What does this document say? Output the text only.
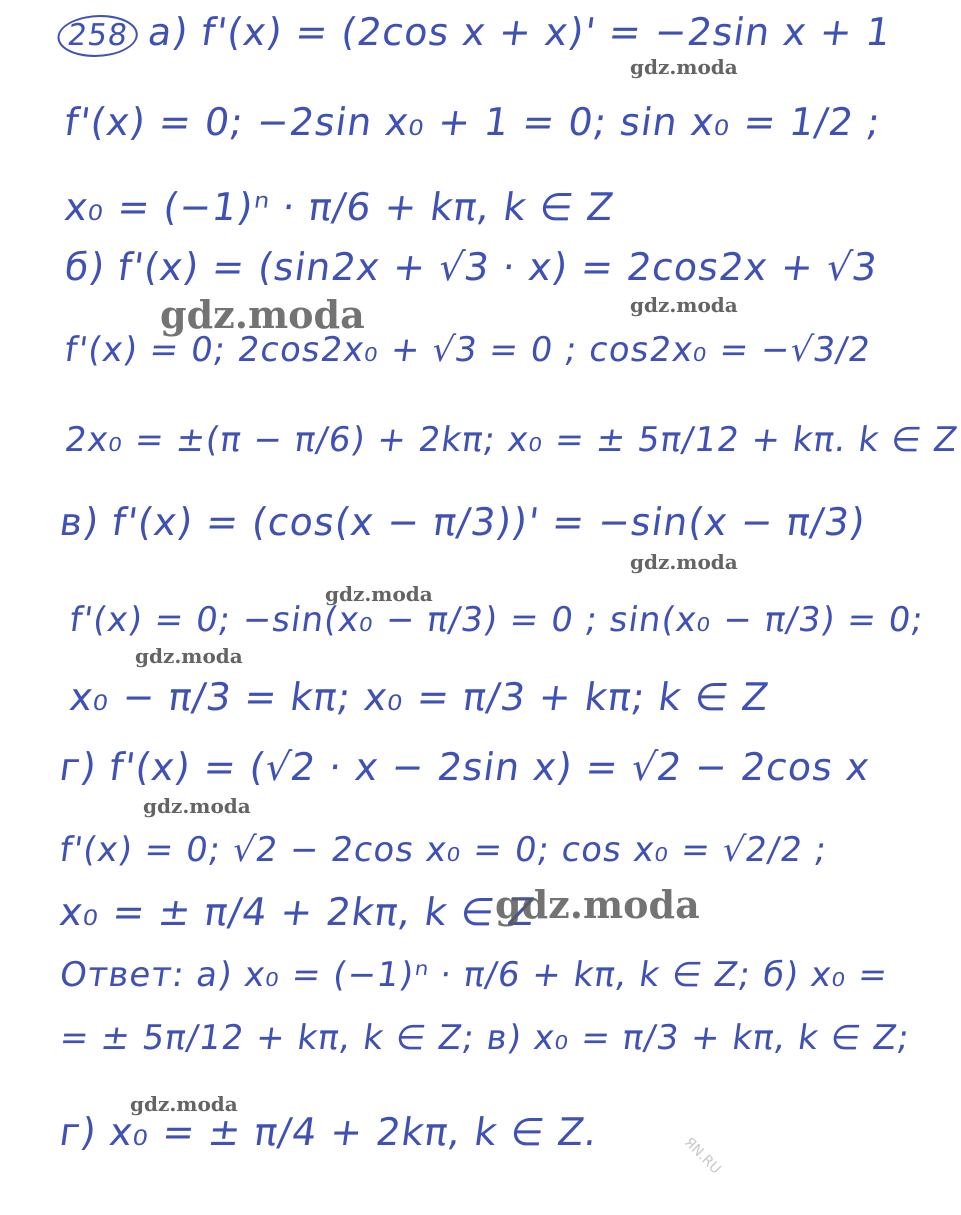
258 а) f'(x) = (2cos x + x)' = −2sin x + 1
f'(x) = 0; −2sin x₀ + 1 = 0; sin x₀ = 1/2 ;
x₀ = (−1)ⁿ · π/6 + kπ, k ∈ Z
б) f'(x) = (sin2x + √3 · x) = 2cos2x + √3
f'(x) = 0; 2cos2x₀ + √3 = 0 ; cos2x₀ = −√3/2
2x₀ = ±(π − π/6) + 2kπ; x₀ = ± 5π/12 + kπ. k ∈ Z
в) f'(x) = (cos(x − π/3))' = −sin(x − π/3)
f'(x) = 0; −sin(x₀ − π/3) = 0 ; sin(x₀ − π/3) = 0;
x₀ − π/3 = kπ; x₀ = π/3 + kπ; k ∈ Z
г) f'(x) = (√2 · x − 2sin x) = √2 − 2cos x
f'(x) = 0; √2 − 2cos x₀ = 0; cos x₀ = √2/2 ;
x₀ = ± π/4 + 2kπ, k ∈ Z
Ответ: а) x₀ = (−1)ⁿ · π/6 + kπ, k ∈ Z; б) x₀ =
= ± 5π/12 + kπ, k ∈ Z; в) x₀ = π/3 + kπ, k ∈ Z;
г) x₀ = ± π/4 + 2kπ, k ∈ Z.
gdz.moda
gdz.moda	gdz.moda
gdz.moda
gdz.moda
gdz.moda
gdz.moda
gdz.moda
gdz.moda
ЯN.RU
